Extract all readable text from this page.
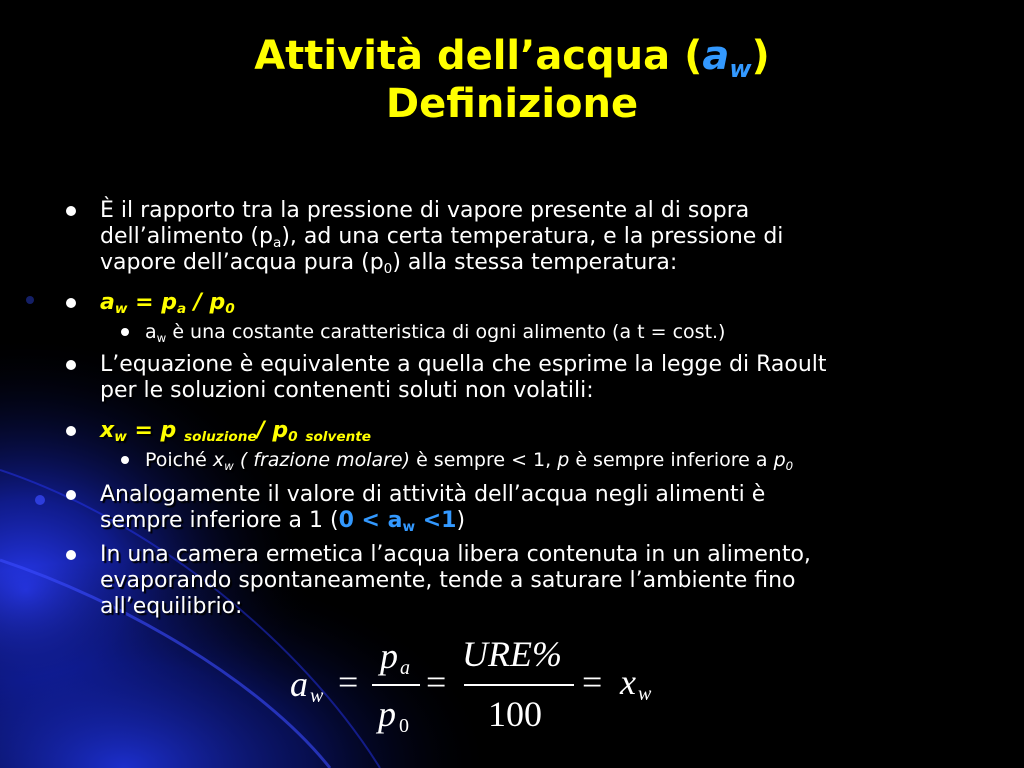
Attività dell’acqua $(a_w)$
Definizione
È il rapporto tra la pressione di vapore presente al di sopra
dell’alimento $(p_a)$, ad una certa temperatura, e la pressione di
vapore dell’acqua pura $(p_0)$ alla stessa temperatura:
$a_w = p_a / p_0$
$a_w$ è una costante caratteristica di ogni alimento (a t = cost.)
L’equazione è equivalente a quella che esprime la legge di Raoult
per le soluzioni contenenti soluti non volatili:
$x_w = p$ $_{soluzione}$/ $p_0$ $_{solvente}$
Poiché $x_w$ ( frazione molare) è sempre < 1, p è sempre inferiore a $p_0$
Analogamente il valore di attività dell’acqua negli alimenti è
sempre inferiore a 1 $(0 < a_w <1)$
In una camera ermetica l’acqua libera contenuta in un alimento,
evaporando spontaneamente, tende a saturare l’ambiente fino
all’equilibrio:
a w =
p a
p 0
=
URE%
100
= x w
